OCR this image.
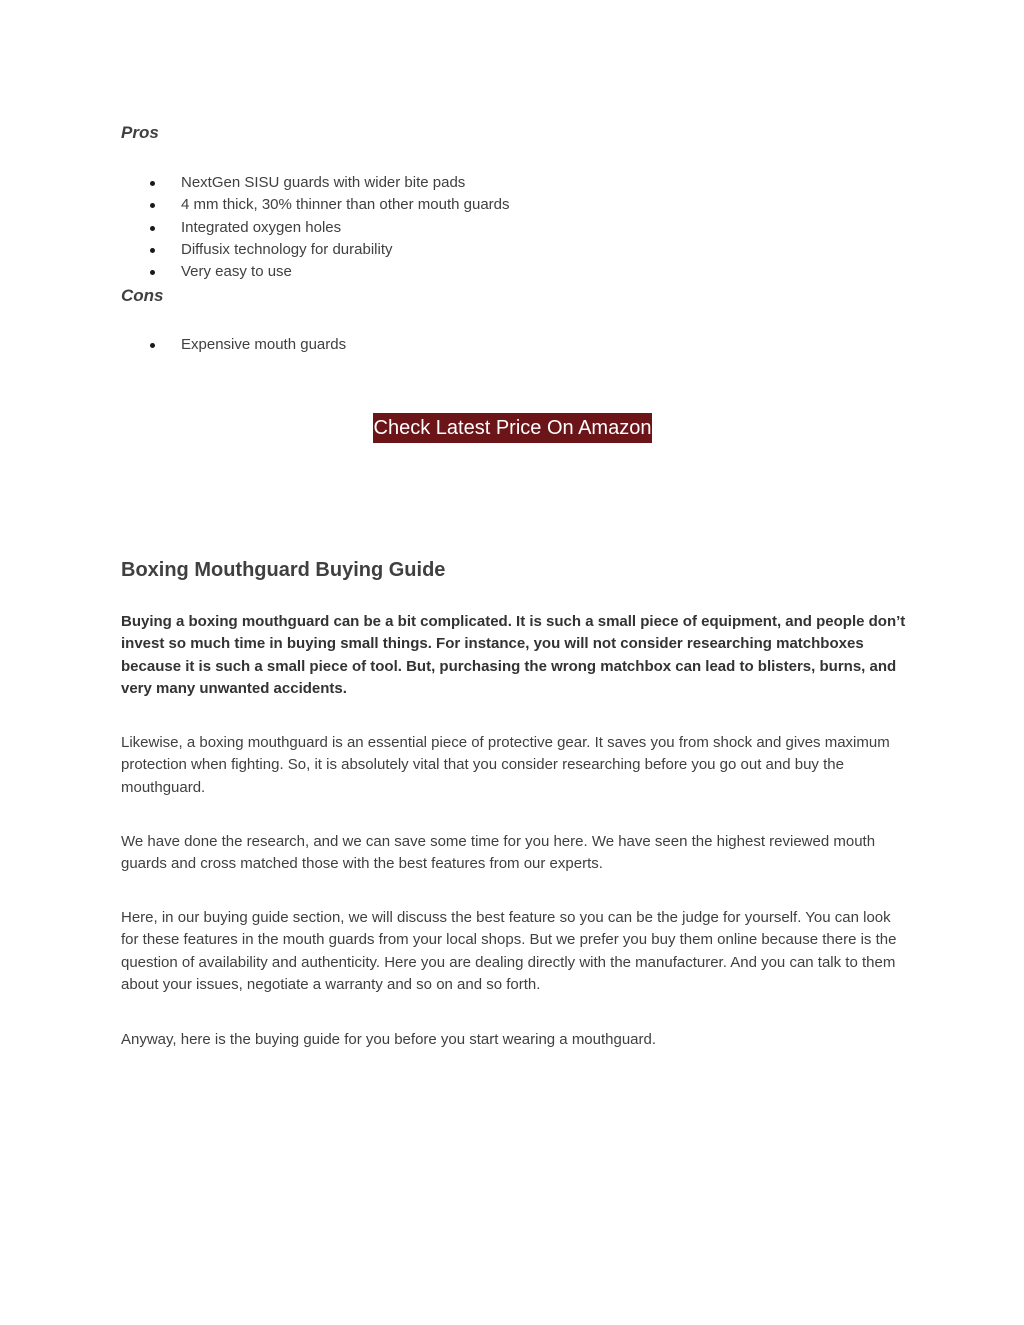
Pros

NextGen SISU guards with wider bite pads
4 mm thick, 30% thinner than other mouth guards
Integrated oxygen holes
Diffusix technology for durability
Very easy to use

Cons

Expensive mouth guards
Check Latest Price On Amazon
Boxing Mouthguard Buying Guide

Buying a boxing mouthguard can be a bit complicated. It is such a small piece of equipment, and people don’t invest so much time in buying small things. For instance, you will not consider researching matchboxes because it is such a small piece of tool. But, purchasing the wrong matchbox can lead to blisters, burns, and very many unwanted accidents.

Likewise, a boxing mouthguard is an essential piece of protective gear. It saves you from shock and gives maximum protection when fighting. So, it is absolutely vital that you consider researching before you go out and buy the mouthguard.

We have done the research, and we can save some time for you here. We have seen the highest reviewed mouth guards and cross matched those with the best features from our experts.

Here, in our buying guide section, we will discuss the best feature so you can be the judge for yourself. You can look for these features in the mouth guards from your local shops. But we prefer you buy them online because there is the question of availability and authenticity. Here you are dealing directly with the manufacturer. And you can talk to them about your issues, negotiate a warranty and so on and so forth.

Anyway, here is the buying guide for you before you start wearing a mouthguard.
